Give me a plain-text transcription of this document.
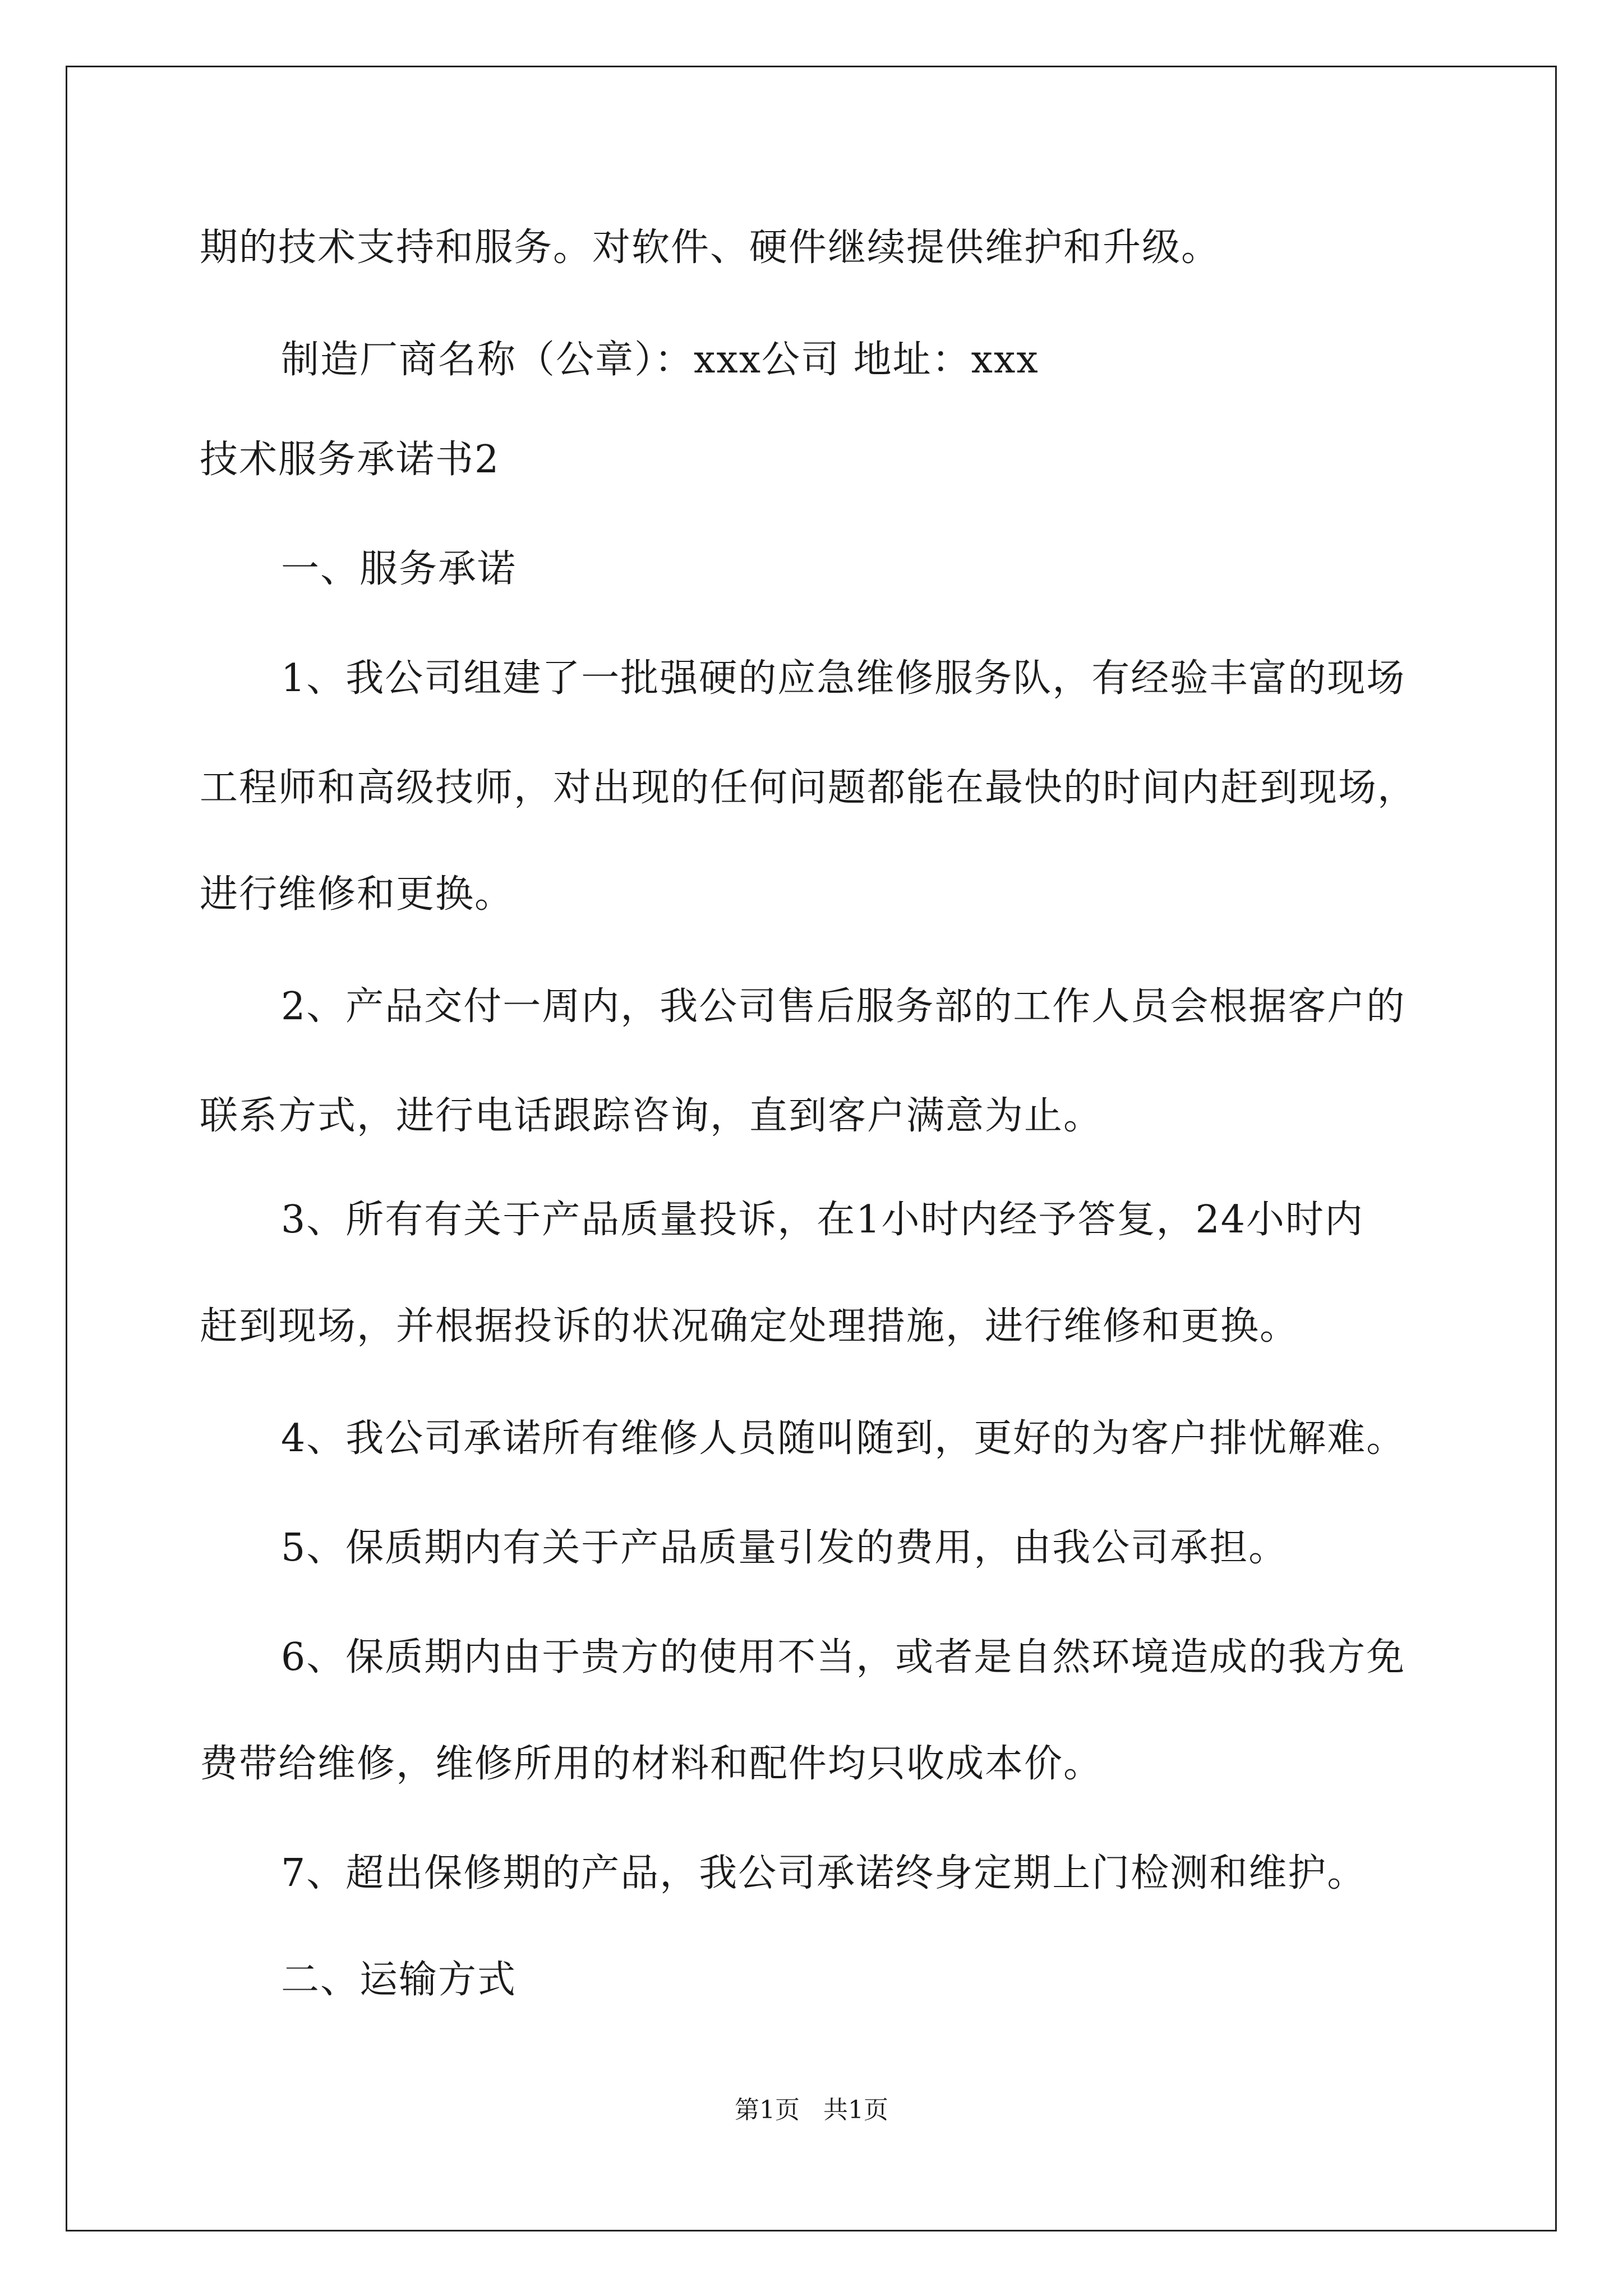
期的技术支持和服务。对软件、硬件继续提供维护和升级。
制造厂商名称（公章）：xxx公司 地址：xxx
技术服务承诺书2
一、服务承诺
1、我公司组建了一批强硬的应急维修服务队，有经验丰富的现场
工程师和高级技师，对出现的任何问题都能在最快的时间内赶到现场，
进行维修和更换。
2、产品交付一周内，我公司售后服务部的工作人员会根据客户的
联系方式，进行电话跟踪咨询，直到客户满意为止。
3、所有有关于产品质量投诉，在1小时内经予答复，24小时内
赶到现场，并根据投诉的状况确定处理措施，进行维修和更换。
4、我公司承诺所有维修人员随叫随到，更好的为客户排忧解难。
5、保质期内有关于产品质量引发的费用，由我公司承担。
6、保质期内由于贵方的使用不当，或者是自然环境造成的我方免
费带给维修，维修所用的材料和配件均只收成本价。
7、超出保修期的产品，我公司承诺终身定期上门检测和维护。
二、运输方式
第1页   共1页
